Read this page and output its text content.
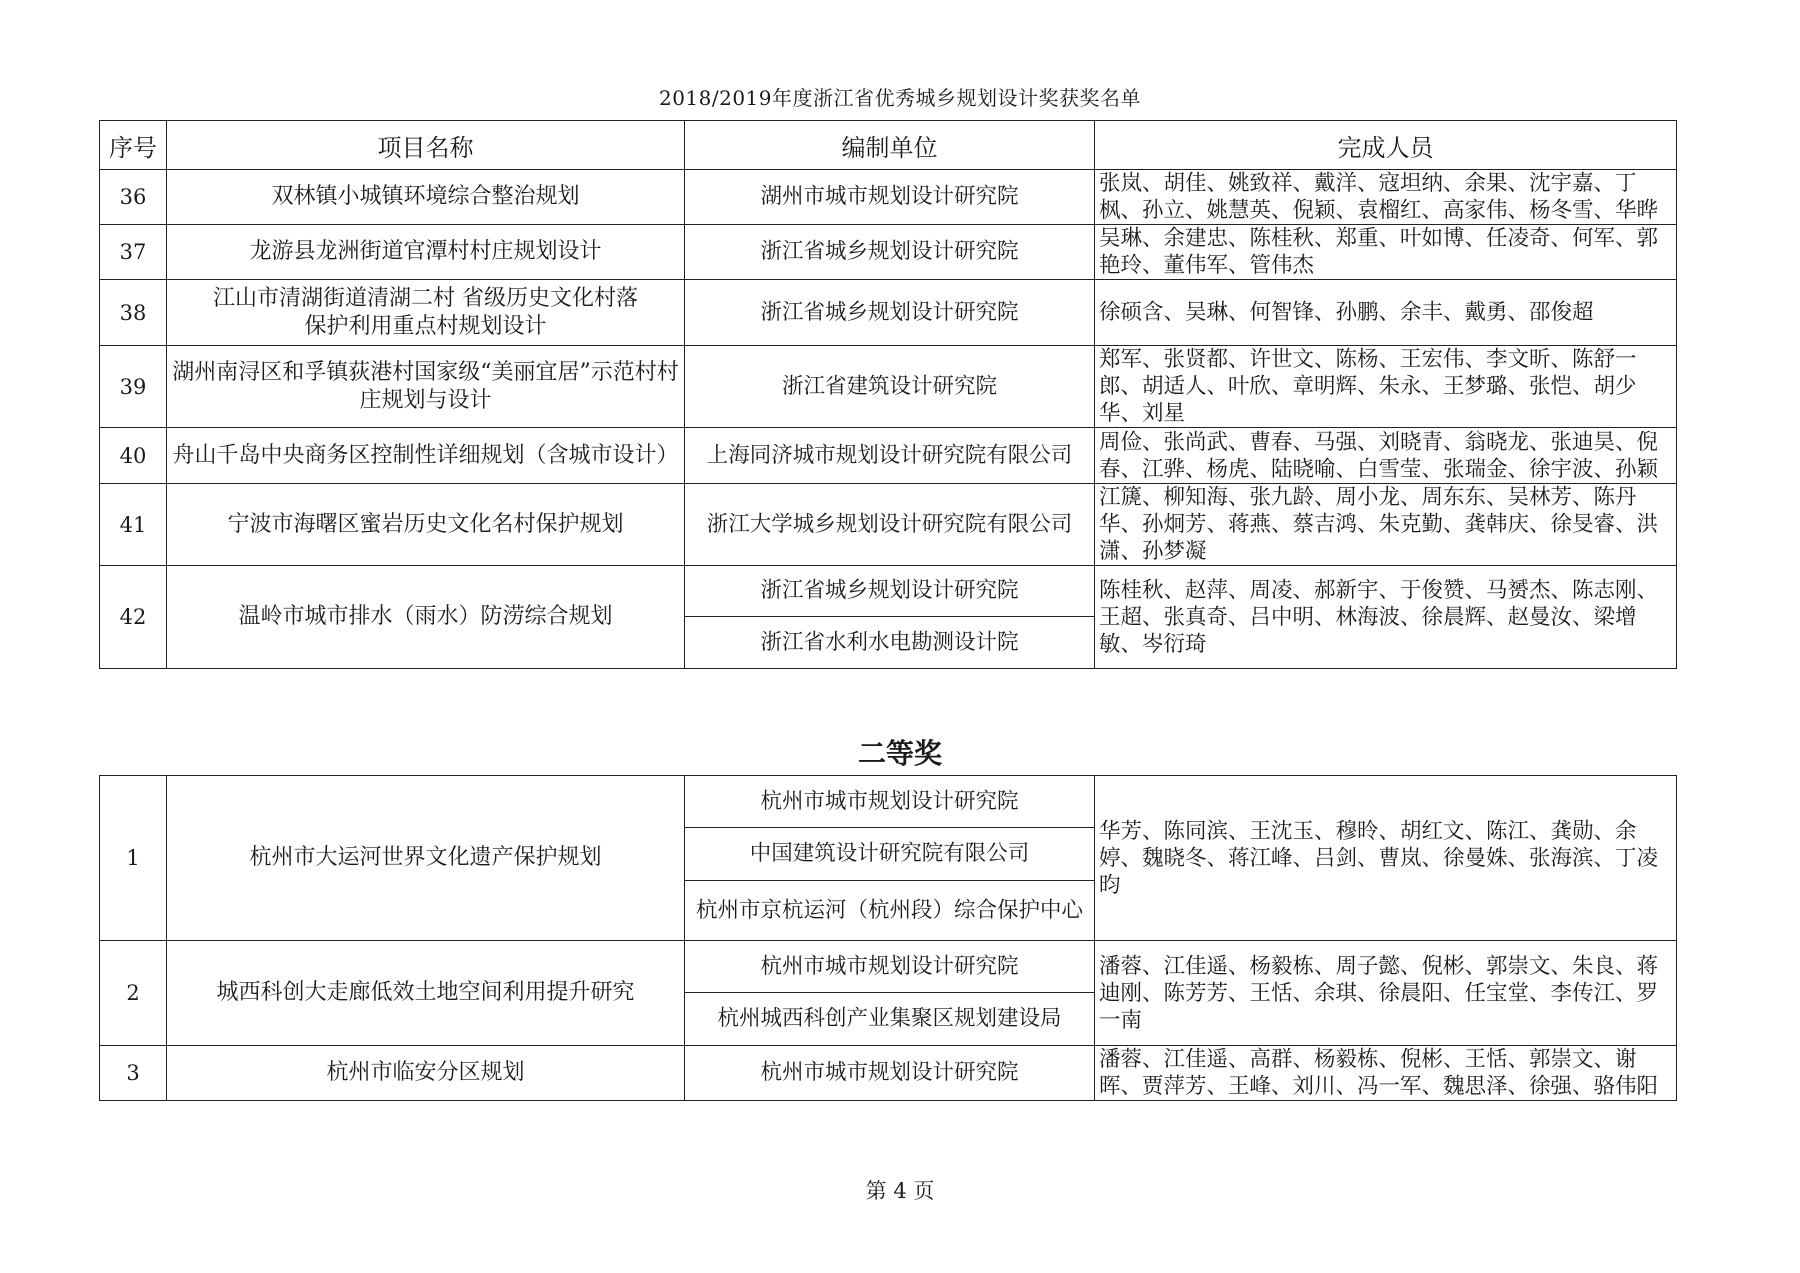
2018/2019年度浙江省优秀城乡规划设计奖获奖名单
序号	项目名称	编制单位	完成人员
36	双林镇小城镇环境综合整治规划	湖州市城市规划设计研究院	张岚、胡佳、姚致祥、戴洋、寇坦纳、余果、沈宇嘉、丁枫、孙立、姚慧英、倪颖、袁榴红、高家伟、杨冬雪、华晔
37	龙游县龙洲街道官潭村村庄规划设计	浙江省城乡规划设计研究院	吴琳、余建忠、陈桂秋、郑重、叶如博、任凌奇、何军、郭艳玲、董伟军、管伟杰
38	江山市清湖街道清湖二村 省级历史文化村落保护利用重点村规划设计	浙江省城乡规划设计研究院	徐硕含、吴琳、何智锋、孙鹏、余丰、戴勇、邵俊超
39	湖州南浔区和孚镇荻港村国家级“美丽宜居”示范村村庄规划与设计	浙江省建筑设计研究院	郑军、张贤都、许世文、陈杨、王宏伟、李文昕、陈舒一郎、胡适人、叶欣、章明辉、朱永、王梦璐、张恺、胡少华、刘星
40	舟山千岛中央商务区控制性详细规划（含城市设计）	上海同济城市规划设计研究院有限公司	周俭、张尚武、曹春、马强、刘晓青、翁晓龙、张迪昊、倪春、江骅、杨虎、陆晓喻、白雪莹、张瑞金、徐宇波、孙颖
41	宁波市海曙区蜜岩历史文化名村保护规划	浙江大学城乡规划设计研究院有限公司	江篪、柳知海、张九龄、周小龙、周东东、吴林芳、陈丹华、孙炯芳、蒋燕、蔡吉鸿、朱克勤、龚韩庆、徐旻睿、洪潇、孙梦凝
42	温岭市城市排水（雨水）防涝综合规划	浙江省城乡规划设计研究院	陈桂秋、赵萍、周凌、郝新宇、于俊赞、马赟杰、陈志刚、王超、张真奇、吕中明、林海波、徐晨辉、赵曼汝、梁增敏、岑衍琦
		浙江省水利水电勘测设计院	
二等奖
1	杭州市大运河世界文化遗产保护规划	杭州市城市规划设计研究院	华芳、陈同滨、王沈玉、穆昤、胡红文、陈江、龚勋、余婷、魏晓冬、蒋江峰、吕剑、曹岚、徐曼姝、张海滨、丁凌昀
		中国建筑设计研究院有限公司	
		杭州市京杭运河（杭州段）综合保护中心	
2	城西科创大走廊低效土地空间利用提升研究	杭州市城市规划设计研究院	潘蓉、江佳遥、杨毅栋、周子懿、倪彬、郭崇文、朱良、蒋迪刚、陈芳芳、王恬、余琪、徐晨阳、任宝堂、李传江、罗一南
		杭州城西科创产业集聚区规划建设局	
3	杭州市临安分区规划	杭州市城市规划设计研究院	潘蓉、江佳遥、高群、杨毅栋、倪彬、王恬、郭崇文、谢晖、贾萍芳、王峰、刘川、冯一军、魏思泽、徐强、骆伟阳
第 4 页
